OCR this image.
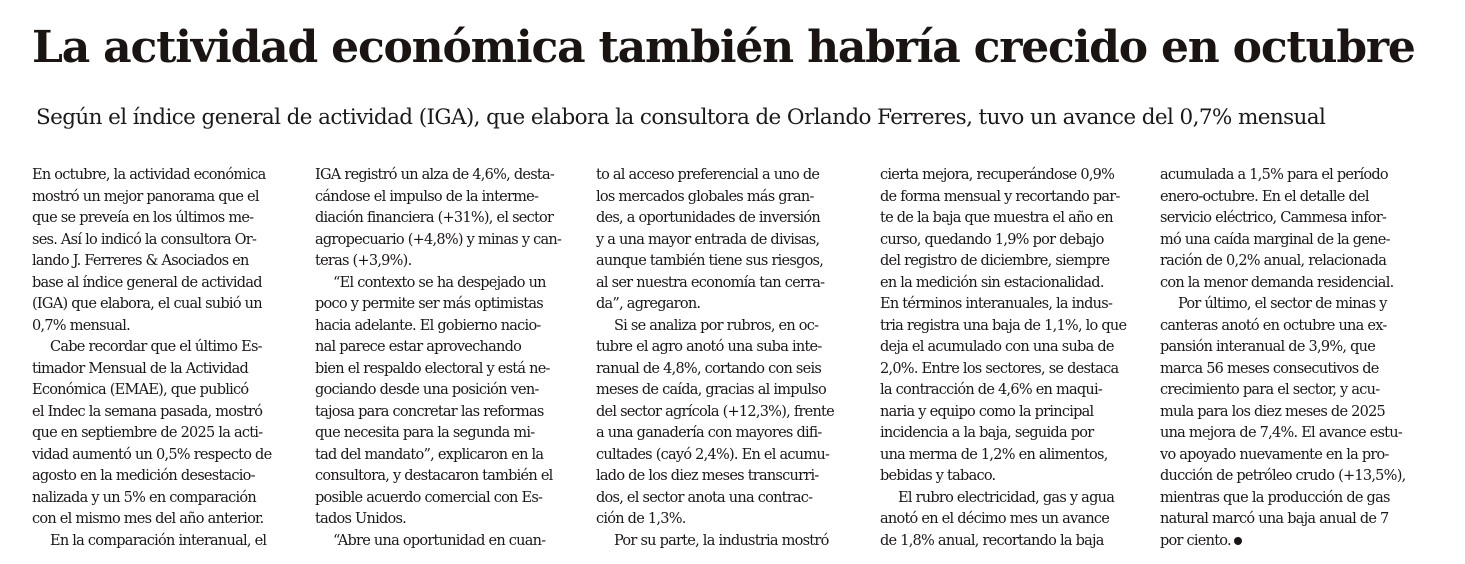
La actividad económica también habría crecido en octubre
Según el índice general de actividad (IGA), que elabora la consultora de Orlando Ferreres, tuvo un avance del 0,7% mensual
En octubre, la actividad económica
mostró un mejor panorama que el
que se preveía en los últimos me-
ses. Así lo indicó la consultora Or-
lando J. Ferreres & Asociados en
base al índice general de actividad
(IGA) que elabora, el cual subió un
0,7% mensual.
Cabe recordar que el último Es-
timador Mensual de la Actividad
Económica (EMAE), que publicó
el Indec la semana pasada, mostró
que en septiembre de 2025 la acti-
vidad aumentó un 0,5% respecto de
agosto en la medición desestacio-
nalizada y un 5% en comparación
con el mismo mes del año anterior.
En la comparación interanual, el
IGA registró un alza de 4,6%, desta-
cándose el impulso de la interme-
diación financiera (+31%), el sector
agropecuario (+4,8%) y minas y can-
teras (+3,9%).
“El contexto se ha despejado un
poco y permite ser más optimistas
hacia adelante. El gobierno nacio-
nal parece estar aprovechando
bien el respaldo electoral y está ne-
gociando desde una posición ven-
tajosa para concretar las reformas
que necesita para la segunda mi-
tad del mandato”, explicaron en la
consultora, y destacaron también el
posible acuerdo comercial con Es-
tados Unidos.
“Abre una oportunidad en cuan-
to al acceso preferencial a uno de
los mercados globales más gran-
des, a oportunidades de inversión
y a una mayor entrada de divisas,
aunque también tiene sus riesgos,
al ser nuestra economía tan cerra-
da”, agregaron.
Si se analiza por rubros, en oc-
tubre el agro anotó una suba inte-
ranual de 4,8%, cortando con seis
meses de caída, gracias al impulso
del sector agrícola (+12,3%), frente
a una ganadería con mayores difi-
cultades (cayó 2,4%). En el acumu-
lado de los diez meses transcurri-
dos, el sector anota una contrac-
ción de 1,3%.
Por su parte, la industria mostró
cierta mejora, recuperándose 0,9%
de forma mensual y recortando par-
te de la baja que muestra el año en
curso, quedando 1,9% por debajo
del registro de diciembre, siempre
en la medición sin estacionalidad.
En términos interanuales, la indus-
tria registra una baja de 1,1%, lo que
deja el acumulado con una suba de
2,0%. Entre los sectores, se destaca
la contracción de 4,6% en maqui-
naria y equipo como la principal
incidencia a la baja, seguida por
una merma de 1,2% en alimentos,
bebidas y tabaco.
El rubro electricidad, gas y agua
anotó en el décimo mes un avance
de 1,8% anual, recortando la baja
acumulada a 1,5% para el período
enero-octubre. En el detalle del
servicio eléctrico, Cammesa infor-
mó una caída marginal de la gene-
ración de 0,2% anual, relacionada
con la menor demanda residencial.
Por último, el sector de minas y
canteras anotó en octubre una ex-
pansión interanual de 3,9%, que
marca 56 meses consecutivos de
crecimiento para el sector, y acu-
mula para los diez meses de 2025
una mejora de 7,4%. El avance estu-
vo apoyado nuevamente en la pro-
ducción de petróleo crudo (+13,5%),
mientras que la producción de gas
natural marcó una baja anual de 7
por ciento.
